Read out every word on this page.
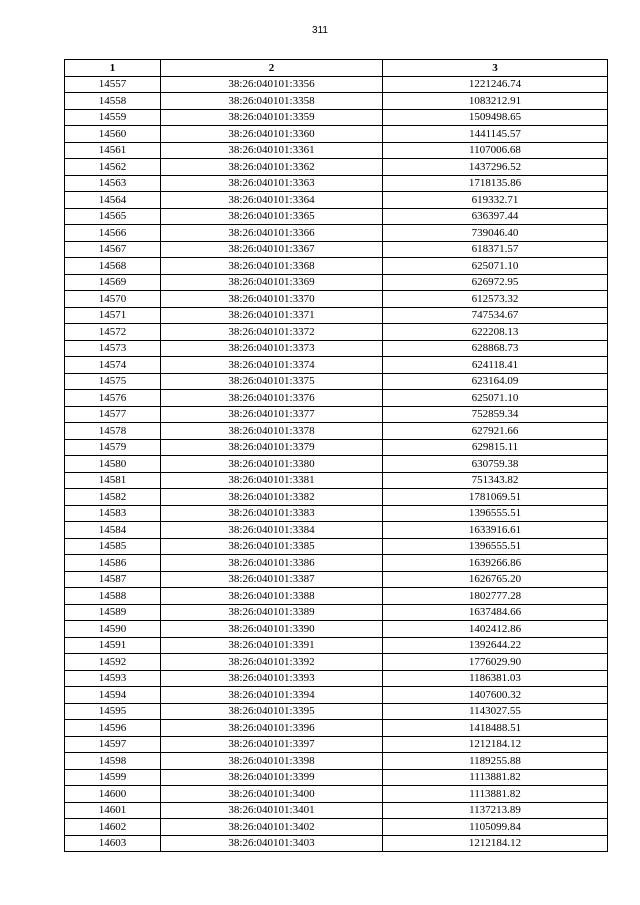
311
1	2	3
14557	38:26:040101:3356	1221246.74
14558	38:26:040101:3358	1083212.91
14559	38:26:040101:3359	1509498.65
14560	38:26:040101:3360	1441145.57
14561	38:26:040101:3361	1107006.68
14562	38:26:040101:3362	1437296.52
14563	38:26:040101:3363	1718135.86
14564	38:26:040101:3364	619332.71
14565	38:26:040101:3365	636397.44
14566	38:26:040101:3366	739046.40
14567	38:26:040101:3367	618371.57
14568	38:26:040101:3368	625071.10
14569	38:26:040101:3369	626972.95
14570	38:26:040101:3370	612573.32
14571	38:26:040101:3371	747534.67
14572	38:26:040101:3372	622208.13
14573	38:26:040101:3373	628868.73
14574	38:26:040101:3374	624118.41
14575	38:26:040101:3375	623164.09
14576	38:26:040101:3376	625071.10
14577	38:26:040101:3377	752859.34
14578	38:26:040101:3378	627921.66
14579	38:26:040101:3379	629815.11
14580	38:26:040101:3380	630759.38
14581	38:26:040101:3381	751343.82
14582	38:26:040101:3382	1781069.51
14583	38:26:040101:3383	1396555.51
14584	38:26:040101:3384	1633916.61
14585	38:26:040101:3385	1396555.51
14586	38:26:040101:3386	1639266.86
14587	38:26:040101:3387	1626765.20
14588	38:26:040101:3388	1802777.28
14589	38:26:040101:3389	1637484.66
14590	38:26:040101:3390	1402412.86
14591	38:26:040101:3391	1392644.22
14592	38:26:040101:3392	1776029.90
14593	38:26:040101:3393	1186381.03
14594	38:26:040101:3394	1407600.32
14595	38:26:040101:3395	1143027.55
14596	38:26:040101:3396	1418488.51
14597	38:26:040101:3397	1212184.12
14598	38:26:040101:3398	1189255.88
14599	38:26:040101:3399	1113881.82
14600	38:26:040101:3400	1113881.82
14601	38:26:040101:3401	1137213.89
14602	38:26:040101:3402	1105099.84
14603	38:26:040101:3403	1212184.12
